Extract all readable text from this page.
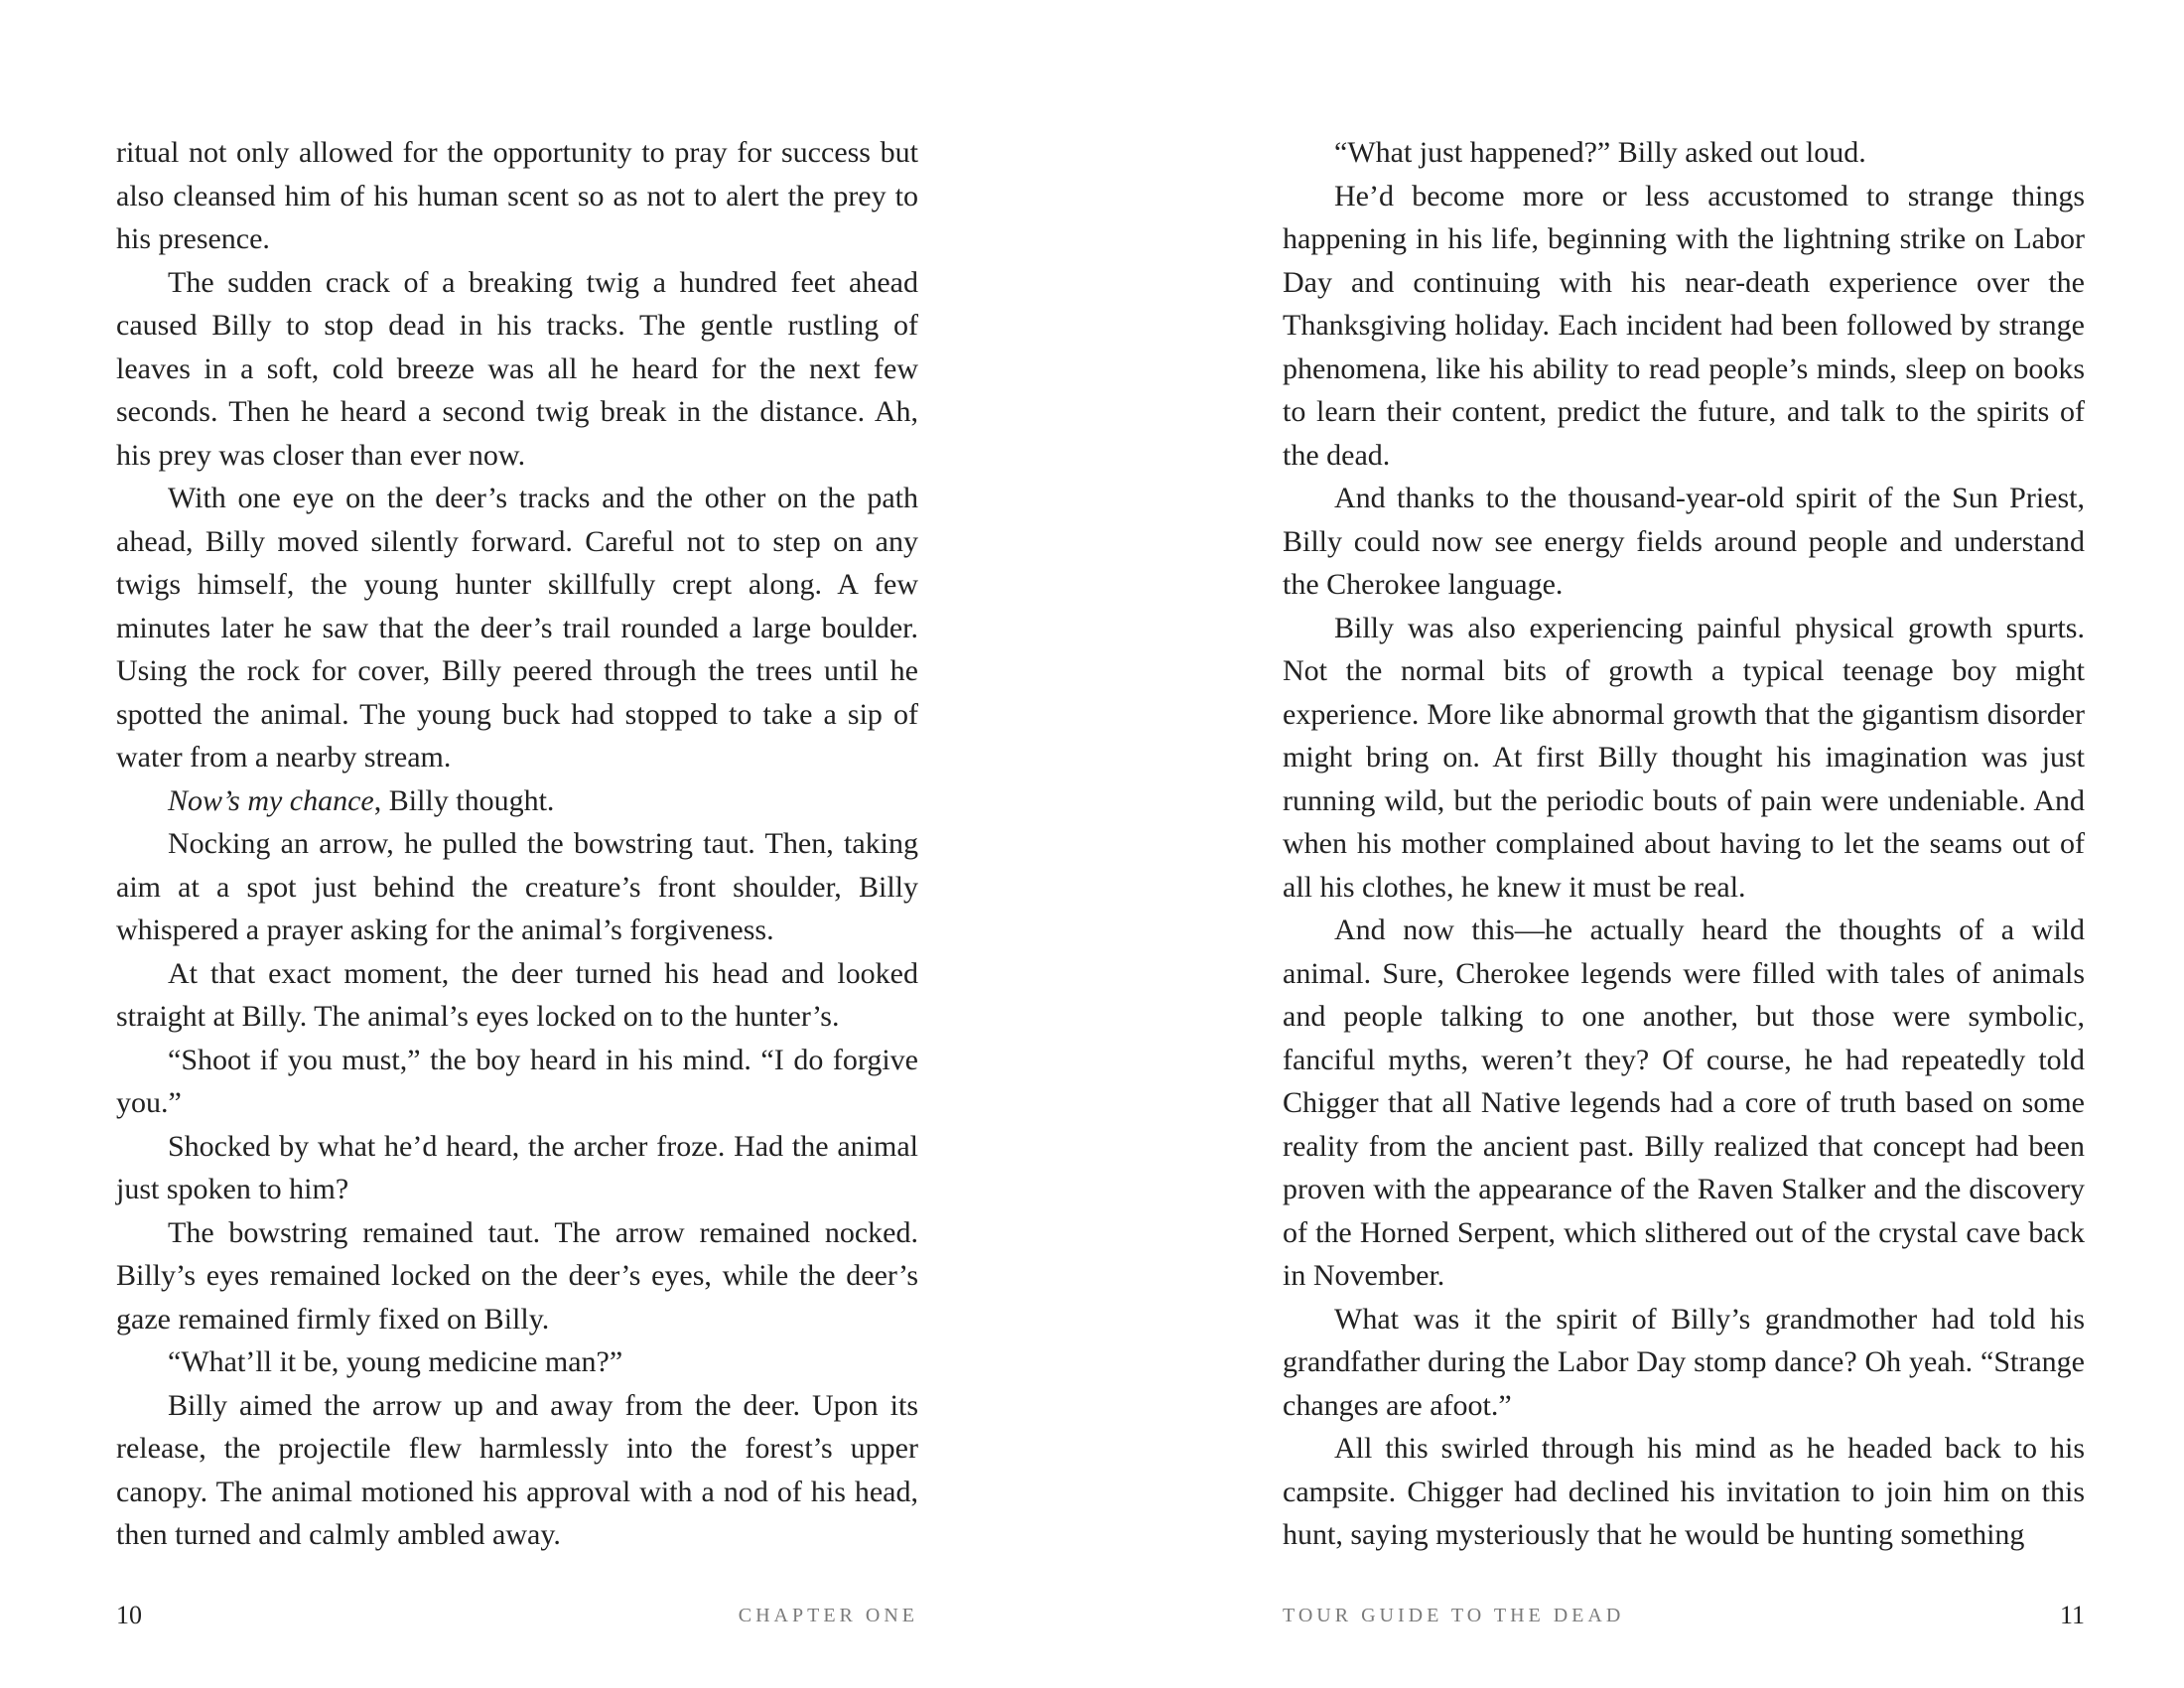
ritual not only allowed for the opportunity to pray for success but also cleansed him of his human scent so as not to alert the prey to his presence.

The sudden crack of a breaking twig a hundred feet ahead caused Billy to stop dead in his tracks. The gentle rustling of leaves in a soft, cold breeze was all he heard for the next few seconds. Then he heard a second twig break in the distance. Ah, his prey was closer than ever now.

With one eye on the deer’s tracks and the other on the path ahead, Billy moved silently forward. Careful not to step on any twigs himself, the young hunter skillfully crept along. A few minutes later he saw that the deer’s trail rounded a large boulder. Using the rock for cover, Billy peered through the trees until he spotted the animal. The young buck had stopped to take a sip of water from a nearby stream.

Now’s my chance, Billy thought.

Nocking an arrow, he pulled the bowstring taut. Then, taking aim at a spot just behind the creature’s front shoulder, Billy whispered a prayer asking for the animal’s forgiveness.

At that exact moment, the deer turned his head and looked straight at Billy. The animal’s eyes locked on to the hunter’s.

“Shoot if you must,” the boy heard in his mind. “I do forgive you.”

Shocked by what he’d heard, the archer froze. Had the animal just spoken to him?

The bowstring remained taut. The arrow remained nocked. Billy’s eyes remained locked on the deer’s eyes, while the deer’s gaze remained firmly fixed on Billy.

“What’ll it be, young medicine man?”

Billy aimed the arrow up and away from the deer. Upon its release, the projectile flew harmlessly into the forest’s upper canopy. The animal motioned his approval with a nod of his head, then turned and calmly ambled away.

10	CHAPTER ONE

“What just happened?” Billy asked out loud.

He’d become more or less accustomed to strange things happening in his life, beginning with the lightning strike on Labor Day and continuing with his near-death experience over the Thanksgiving holiday. Each incident had been followed by strange phenomena, like his ability to read people’s minds, sleep on books to learn their content, predict the future, and talk to the spirits of the dead.

And thanks to the thousand-year-old spirit of the Sun Priest, Billy could now see energy fields around people and understand the Cherokee language.

Billy was also experiencing painful physical growth spurts. Not the normal bits of growth a typical teenage boy might experience. More like abnormal growth that the gigantism disorder might bring on. At first Billy thought his imagination was just running wild, but the periodic bouts of pain were undeniable. And when his mother complained about having to let the seams out of all his clothes, he knew it must be real.

And now this—he actually heard the thoughts of a wild animal. Sure, Cherokee legends were filled with tales of animals and people talking to one another, but those were symbolic, fanciful myths, weren’t they? Of course, he had repeatedly told Chigger that all Native legends had a core of truth based on some reality from the ancient past. Billy realized that concept had been proven with the appearance of the Raven Stalker and the discovery of the Horned Serpent, which slithered out of the crystal cave back in November.

What was it the spirit of Billy’s grandmother had told his grandfather during the Labor Day stomp dance? Oh yeah. “Strange changes are afoot.”

All this swirled through his mind as he headed back to his campsite. Chigger had declined his invitation to join him on this hunt, saying mysteriously that he would be hunting something

TOUR GUIDE TO THE DEAD	11
